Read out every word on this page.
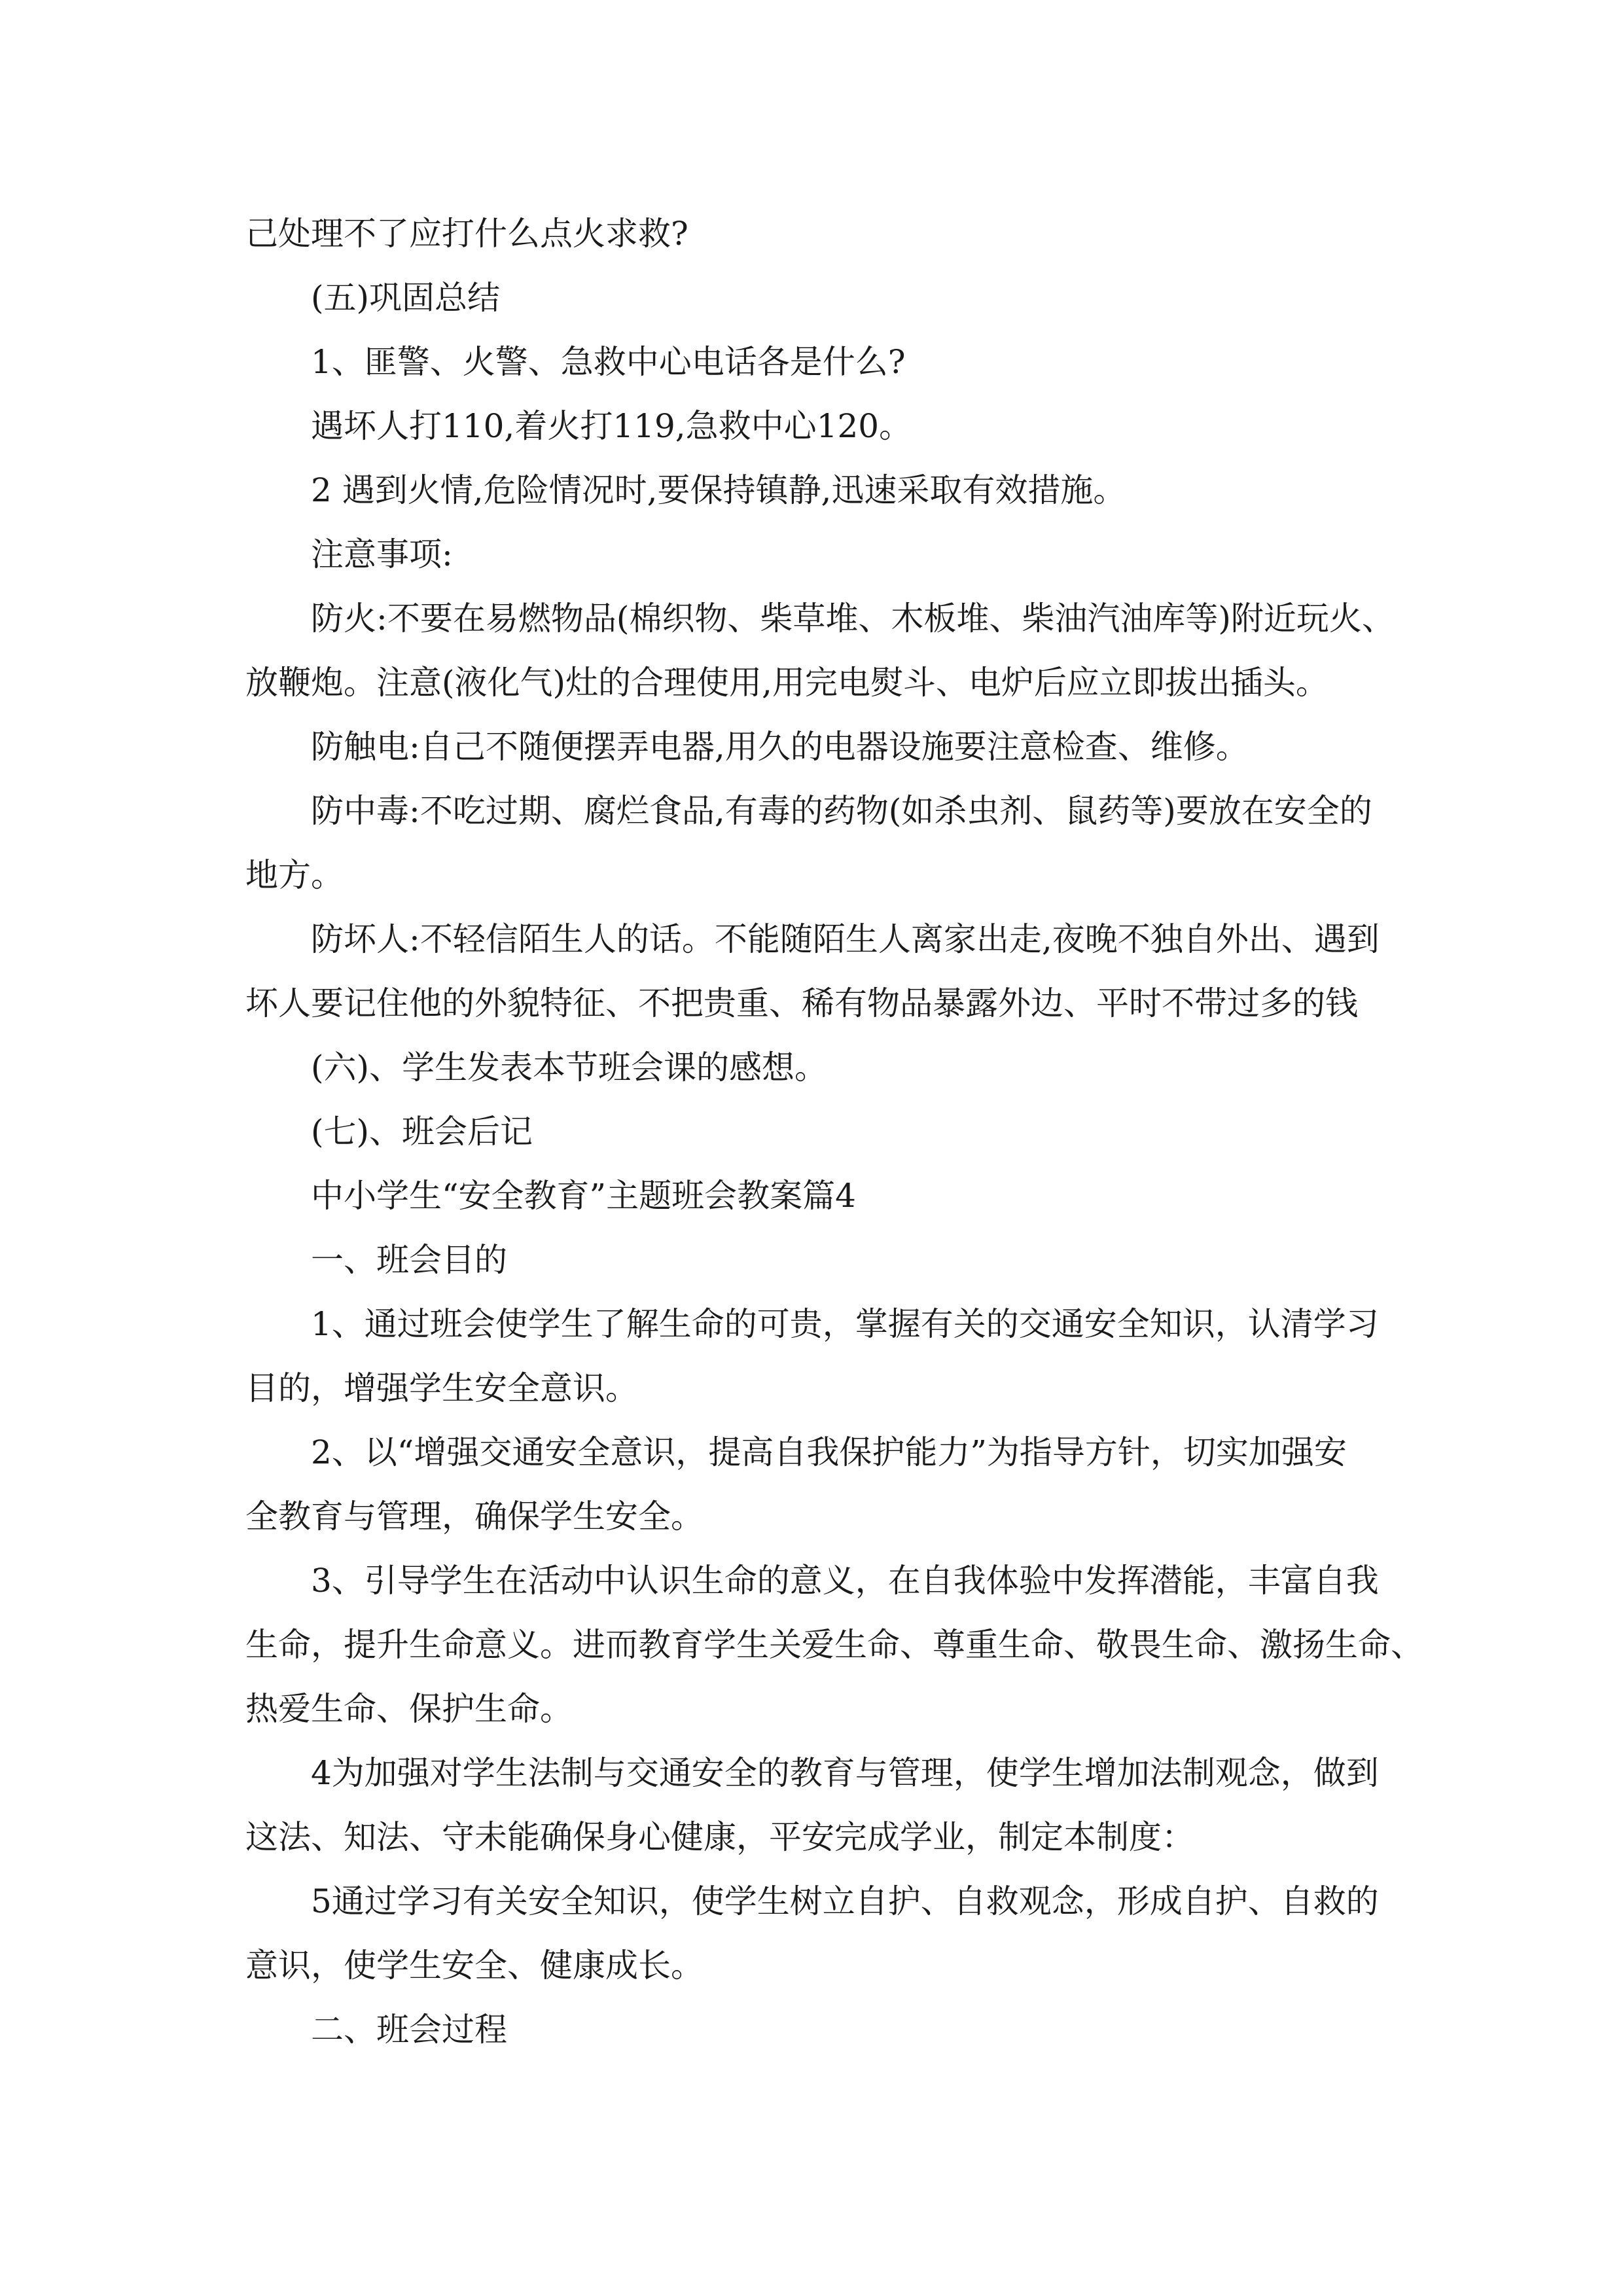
己处理不了应打什么点火求救?

(五)巩固总结

1、匪警、火警、急救中心电话各是什么?

遇坏人打110,着火打119,急救中心120。

2 遇到火情,危险情况时,要保持镇静,迅速采取有效措施。

注意事项:

防火:不要在易燃物品(棉织物、柴草堆、木板堆、柴油汽油库等)附近玩火、

放鞭炮。注意(液化气)灶的合理使用,用完电熨斗、电炉后应立即拔出插头。

防触电:自己不随便摆弄电器,用久的电器设施要注意检查、维修。

防中毒:不吃过期、腐烂食品,有毒的药物(如杀虫剂、鼠药等)要放在安全的

地方。

防坏人:不轻信陌生人的话。不能随陌生人离家出走,夜晚不独自外出、遇到

坏人要记住他的外貌特征、不把贵重、稀有物品暴露外边、平时不带过多的钱

(六)、学生发表本节班会课的感想。

(七)、班会后记

中小学生“安全教育”主题班会教案篇4

一、班会目的

1、通过班会使学生了解生命的可贵，掌握有关的交通安全知识，认清学习

目的，增强学生安全意识。

2、以“增强交通安全意识，提高自我保护能力”为指导方针，切实加强安

全教育与管理，确保学生安全。

3、引导学生在活动中认识生命的意义，在自我体验中发挥潜能，丰富自我

生命，提升生命意义。进而教育学生关爱生命、尊重生命、敬畏生命、激扬生命、

热爱生命、保护生命。

4为加强对学生法制与交通安全的教育与管理，使学生增加法制观念，做到

这法、知法、守未能确保身心健康，平安完成学业，制定本制度：

5通过学习有关安全知识，使学生树立自护、自救观念，形成自护、自救的

意识，使学生安全、健康成长。

二、班会过程
